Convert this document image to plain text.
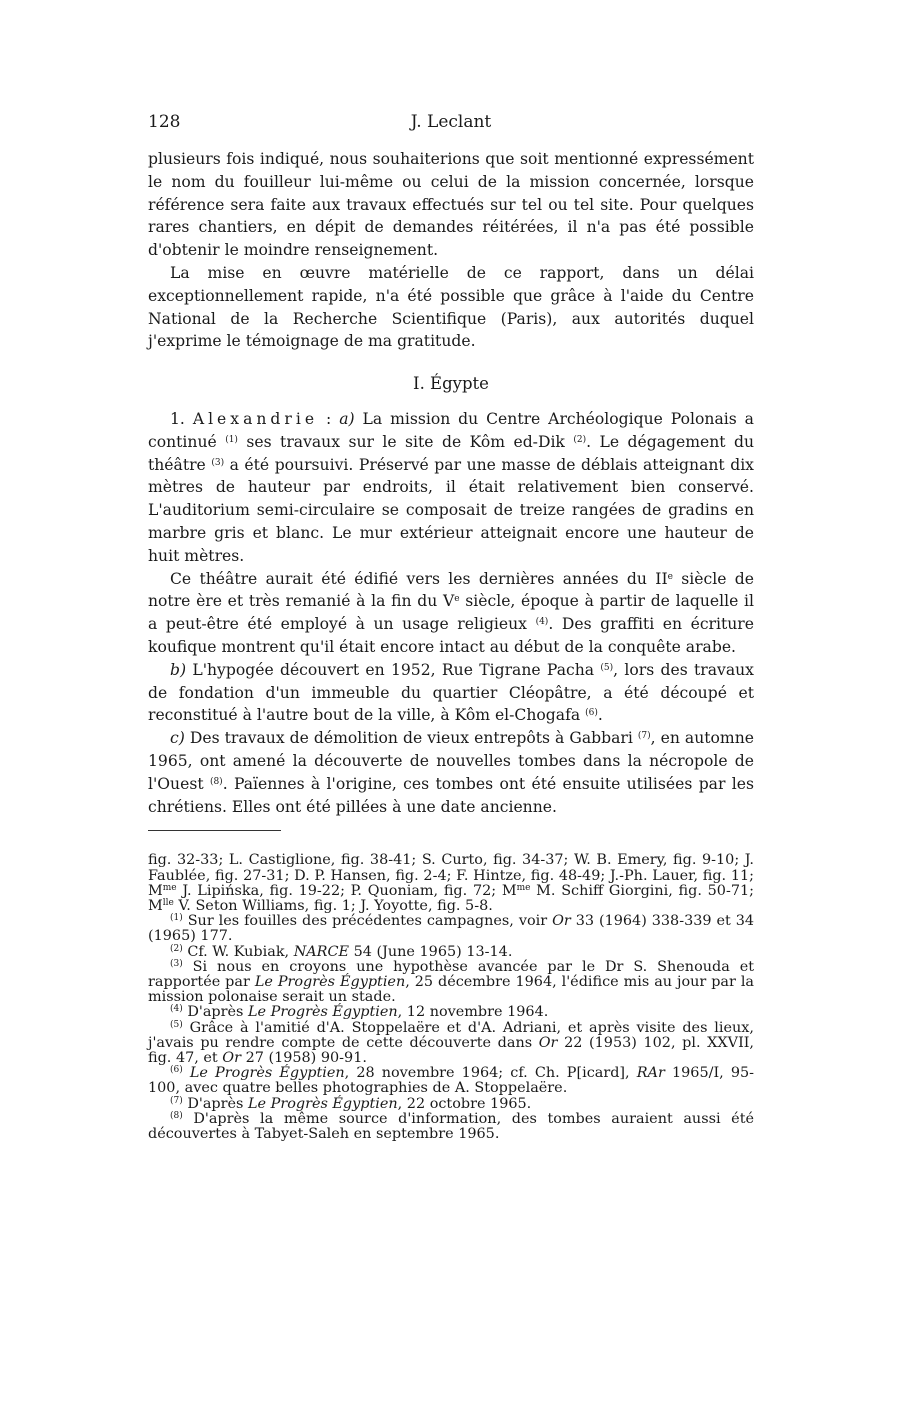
128	J. Leclant

plusieurs fois indiqué, nous souhaiterions que soit mentionné expressément le nom du fouilleur lui-même ou celui de la mission concernée, lorsque référence sera faite aux travaux effectués sur tel ou tel site. Pour quelques rares chantiers, en dépit de demandes réitérées, il n'a pas été possible d'obtenir le moindre renseignement.

La mise en œuvre matérielle de ce rapport, dans un délai exceptionnellement rapide, n'a été possible que grâce à l'aide du Centre National de la Recherche Scientifique (Paris), aux autorités duquel j'exprime le témoignage de ma gratitude.

I. Égypte

1. Alexandrie : a) La mission du Centre Archéologique Polonais a continué $^{(1)}$ ses travaux sur le site de Kôm ed-Dik $^{(2)}$. Le dégagement du théâtre $^{(3)}$ a été poursuivi. Préservé par une masse de déblais atteignant dix mètres de hauteur par endroits, il était relativement bien conservé. L'auditorium semi-circulaire se composait de treize rangées de gradins en marbre gris et blanc. Le mur extérieur atteignait encore une hauteur de huit mètres.

Ce théâtre aurait été édifié vers les dernières années du IIe siècle de notre ère et très remanié à la fin du Ve siècle, époque à partir de laquelle il a peut-être été employé à un usage religieux $^{(4)}$. Des graffiti en écriture koufique montrent qu'il était encore intact au début de la conquête arabe.

b) L'hypogée découvert en 1952, Rue Tigrane Pacha $^{(5)}$, lors des travaux de fondation d'un immeuble du quartier Cléopâtre, a été découpé et reconstitué à l'autre bout de la ville, à Kôm el-Chogafa $^{(6)}$.

c) Des travaux de démolition de vieux entrepôts à Gabbari $^{(7)}$, en automne 1965, ont amené la découverte de nouvelles tombes dans la nécropole de l'Ouest $^{(8)}$. Païennes à l'origine, ces tombes ont été ensuite utilisées par les chrétiens. Elles ont été pillées à une date ancienne.

fig. 32-33; L. Castiglione, fig. 38-41; S. Curto, fig. 34-37; W. B. Emery, fig. 9-10; J. Faublée, fig. 27-31; D. P. Hansen, fig. 2-4; F. Hintze, fig. 48-49; J.-Ph. Lauer, fig. 11; $M^{me}$ J. Lipińska, fig. 19-22; P. Quoniam, fig. 72; $M^{me}$ M. Schiff Giorgini, fig. 50-71; $M^{lle}$ V. Seton Williams, fig. 1; J. Yoyotte, fig. 5-8.

$^{(1)}$ Sur les fouilles des précédentes campagnes, voir Or 33 (1964) 338-339 et 34 (1965) 177.

$^{(2)}$ Cf. W. Kubiak, NARCE 54 (June 1965) 13-14.

$^{(3)}$ Si nous en croyons une hypothèse avancée par le Dr S. Shenouda et rapportée par Le Progrès Égyptien, 25 décembre 1964, l'édifice mis au jour par la mission polonaise serait un stade.

$^{(4)}$ D'après Le Progrès Égyptien, 12 novembre 1964.

$^{(5)}$ Grâce à l'amitié d'A. Stoppelaëre et d'A. Adriani, et après visite des lieux, j'avais pu rendre compte de cette découverte dans Or 22 (1953) 102, pl. XXVII, fig. 47, et Or 27 (1958) 90-91.

$^{(6)}$ Le Progrès Égyptien, 28 novembre 1964; cf. Ch. P[icard], RAr 1965/I, 95-100, avec quatre belles photographies de A. Stoppelaëre.

$^{(7)}$ D'après Le Progrès Égyptien, 22 octobre 1965.

$^{(8)}$ D'après la même source d'information, des tombes auraient aussi été découvertes à Tabyet-Saleh en septembre 1965.
